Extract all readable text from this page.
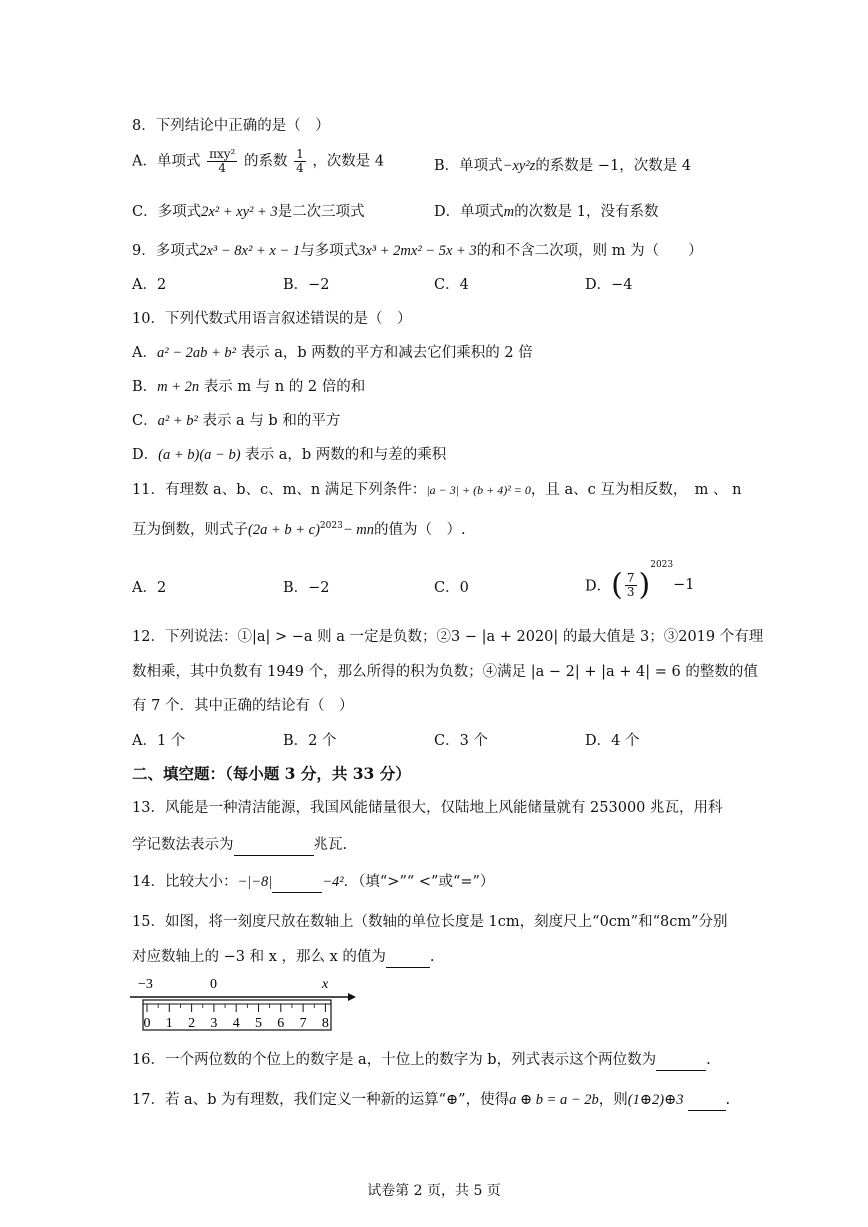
8．下列结论中正确的是（　）
A．单项式 $\frac{\text{πxy²}}{4}$ 的系数 $\frac{1}{4}$ ，次数是 4	B．单项式−xy²z的系数是 −1，次数是 4
C．多项式2x² + xy² + 3是二次三项式	D．单项式m的次数是 1，没有系数
9．多项式2x³ − 8x² + x − 1与多项式3x³ + 2mx² − 5x + 3的和不含二次项，则 m 为（　　）
A．2	B．−2	C．4	D．−4
10．下列代数式用语言叙述错误的是（　）
A．a² − 2ab + b² 表示 a，b 两数的平方和减去它们乘积的 2 倍
B．m + 2n 表示 m 与 n 的 2 倍的和
C．a² + b² 表示 a 与 b 和的平方
D．(a + b)(a − b) 表示 a，b 两数的和与差的乘积
11．有理数 a、b、c、m、n 满足下列条件：|a − 3| + (b + 4)² = 0，且 a、c 互为相反数，　m 、 n
互为倒数，则式子$(2a + b + c)^{2023}-$ mn的值为（　）.
A．2	B．−2	C．0	D．( $\frac{7}{3} )^{2023}-1$
12．下列说法：①|a| > −a 则 a 一定是负数；②3 − |a + 2020| 的最大值是 3；③2019 个有理
数相乘，其中负数有 1949 个，那么所得的积为负数；④满足 |a − 2| + |a + 4| = 6 的整数的值
有 7 个．其中正确的结论有（　）
A．1 个	B．2 个	C．3 个	D．4 个
二、填空题：（每小题 3 分，共 33 分）
13．风能是一种清洁能源，我国风能储量很大，仅陆地上风能储量就有 253000 兆瓦，用科
学记数法表示为	兆瓦.
14．比较大小：−|−8|	−4²．（填“>”“ <”或“=”）
15．如图，将一刻度尺放在数轴上（数轴的单位长度是 1cm，刻度尺上“0cm”和“8cm”分别
对应数轴上的 −3 和 x ，那么 x 的值为	.
−3	0	x
0 1 2 3 4 5 6 7 8
16．一个两位数的个位上的数字是 a，十位上的数字为 b，列式表示这个两位数为	.
17．若 a、b 为有理数，我们定义一种新的运算“⊕”，使得a ⊕ b = a − 2b，则(1⊕2)⊕3	.
试卷第 2 页，共 5 页
